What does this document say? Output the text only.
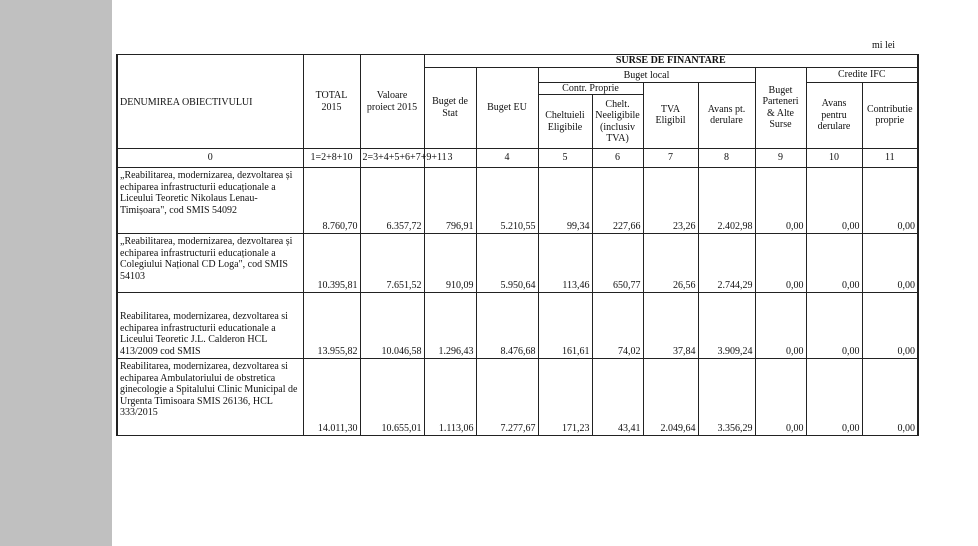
mi lei
DENUMIREA OBIECTIVULUI	TOTAL 2015	Valoare proiect 2015	SURSE DE FINANTARE								
			Buget de Stat	Buget EU	Buget local				Buget Parteneri & Alte Surse	Credite IFC	
										Avans pentru derulare	Contributie proprie
					Contr. Proprie		TVA Eligibil	Avans pt. derulare			
					Cheltuieli Eligibile	Chelt. Neeligibile (inclusiv TVA)					
0	1=2+8+10	2=3+4+5+6+7+9+11	3	4	5	6	7	8	9	10	11
„Reabilitarea, modernizarea, dezvoltarea și echiparea infrastructurii educaționale a Liceului Teoretic Nikolaus Lenau-Timișoara", cod SMIS 54092	8.760,70	6.357,72	796,91	5.210,55	99,34	227,66	23,26	2.402,98	0,00	0,00	0,00
„Reabilitarea, modernizarea, dezvoltarea și echiparea infrastructurii educaționale a Colegiului Național CD Loga", cod SMIS 54103	10.395,81	7.651,52	910,09	5.950,64	113,46	650,77	26,56	2.744,29	0,00	0,00	0,00
Reabilitarea, modernizarea, dezvoltarea si echiparea infrastructurii educationale a Liceului Teoretic J.L. Calderon HCL 413/2009 cod SMIS	13.955,82	10.046,58	1.296,43	8.476,68	161,61	74,02	37,84	3.909,24	0,00	0,00	0,00
Reabilitarea, modernizarea, dezvoltarea si echiparea Ambulatoriului de obstretica ginecologie a Spitalului Clinic Municipal de Urgenta Timisoara SMIS 26136, HCL 333/2015	14.011,30	10.655,01	1.113,06	7.277,67	171,23	43,41	2.049,64	3.356,29	0,00	0,00	0,00
